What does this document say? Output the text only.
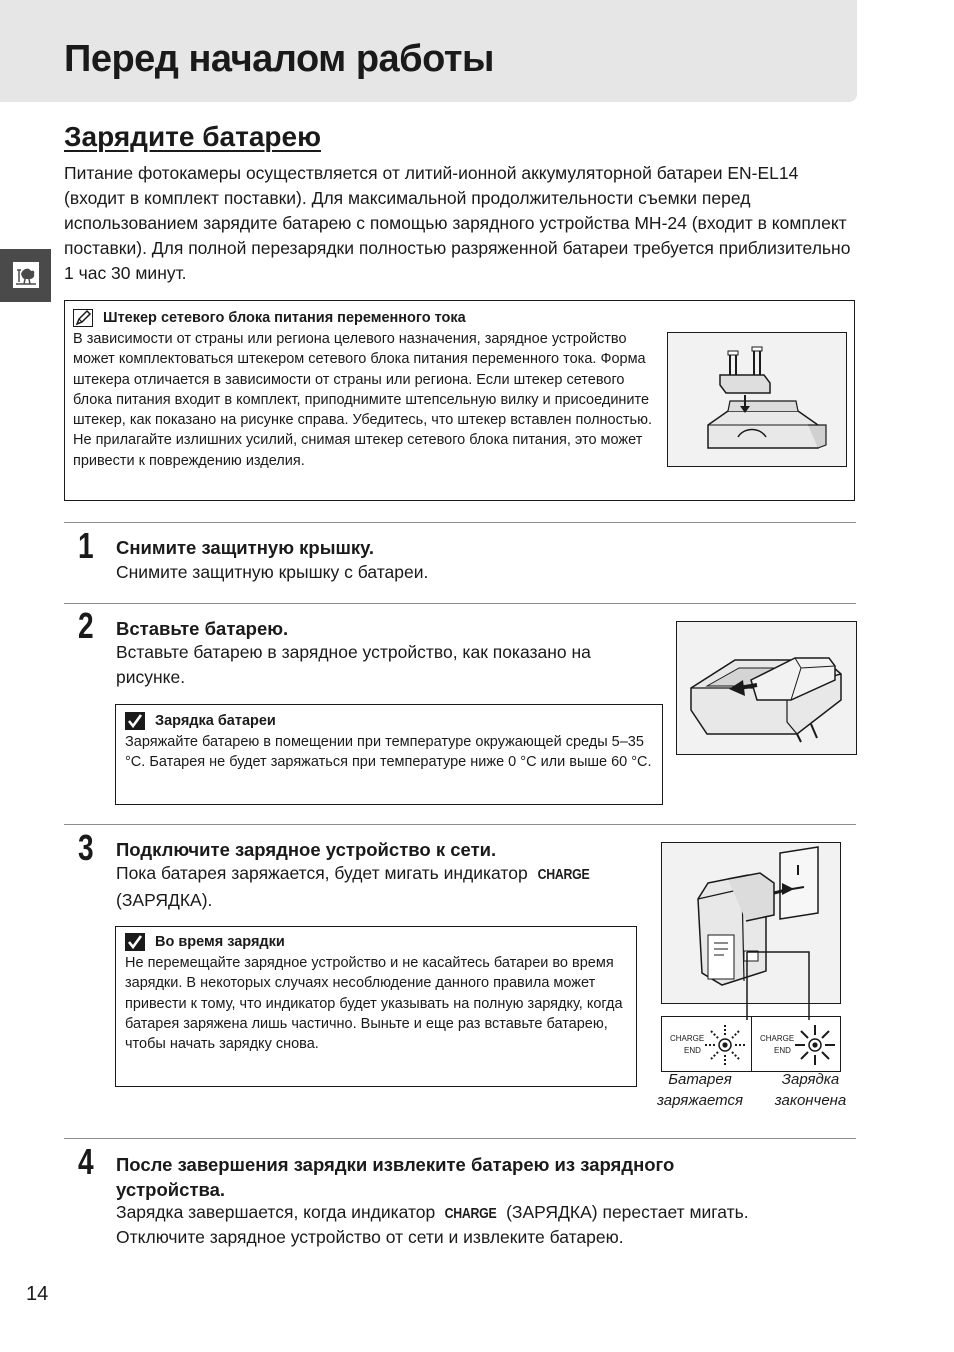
Перед началом работы
Зарядите батарею

Питание фотокамеры осуществляется от литий-ионной аккумуляторной батареи EN-EL14 (входит в комплект поставки). Для максимальной продолжительности съемки перед использованием зарядите батарею с помощью зарядного устройства MH-24 (входит в комплект поставки). Для полной перезарядки полностью разряженной батареи требуется приблизительно 1 час 30 минут.

Штекер сетевого блока питания переменного тока

В зависимости от страны или региона целевого назначения, зарядное устройство может комплектоваться штекером сетевого блока питания переменного тока. Форма штекера отличается в зависимости от страны или региона. Если штекер сетевого блока питания входит в комплект, приподнимите штепсельную вилку и присоедините штекер, как показано на рисунке справа. Убедитесь, что штекер вставлен полностью. Не прилагайте излишних усилий, снимая штекер сетевого блока питания, это может привести к повреждению изделия.

1 Снимите защитную крышку.

Снимите защитную крышку с батареи.

2 Вставьте батарею.

Вставьте батарею в зарядное устройство, как показано на рисунке.

Зарядка батареи

Заряжайте батарею в помещении при температуре окружающей среды 5–35 °C. Батарея не будет заряжаться при температуре ниже 0 °C или выше 60 °C.

3 Подключите зарядное устройство к сети.

Пока батарея заряжается, будет мигать индикатор CHARGE (ЗАРЯДКА).

Во время зарядки

Не перемещайте зарядное устройство и не касайтесь батареи во время зарядки. В некоторых случаях несоблюдение данного правила может привести к тому, что индикатор будет указывать на полную зарядку, когда батарея заряжена лишь частично. Выньте и еще раз вставьте батарею, чтобы начать зарядку снова.	CHARGE
END
CHARGE
END

Батарея

заряжается

Зарядка

закончена

4 После завершения зарядки извлеките батарею из зарядного

устройства.

Зарядка завершается, когда индикатор CHARGE (ЗАРЯДКА) перестает мигать.

Отключите зарядное устройство от сети и извлеките батарею.

14
